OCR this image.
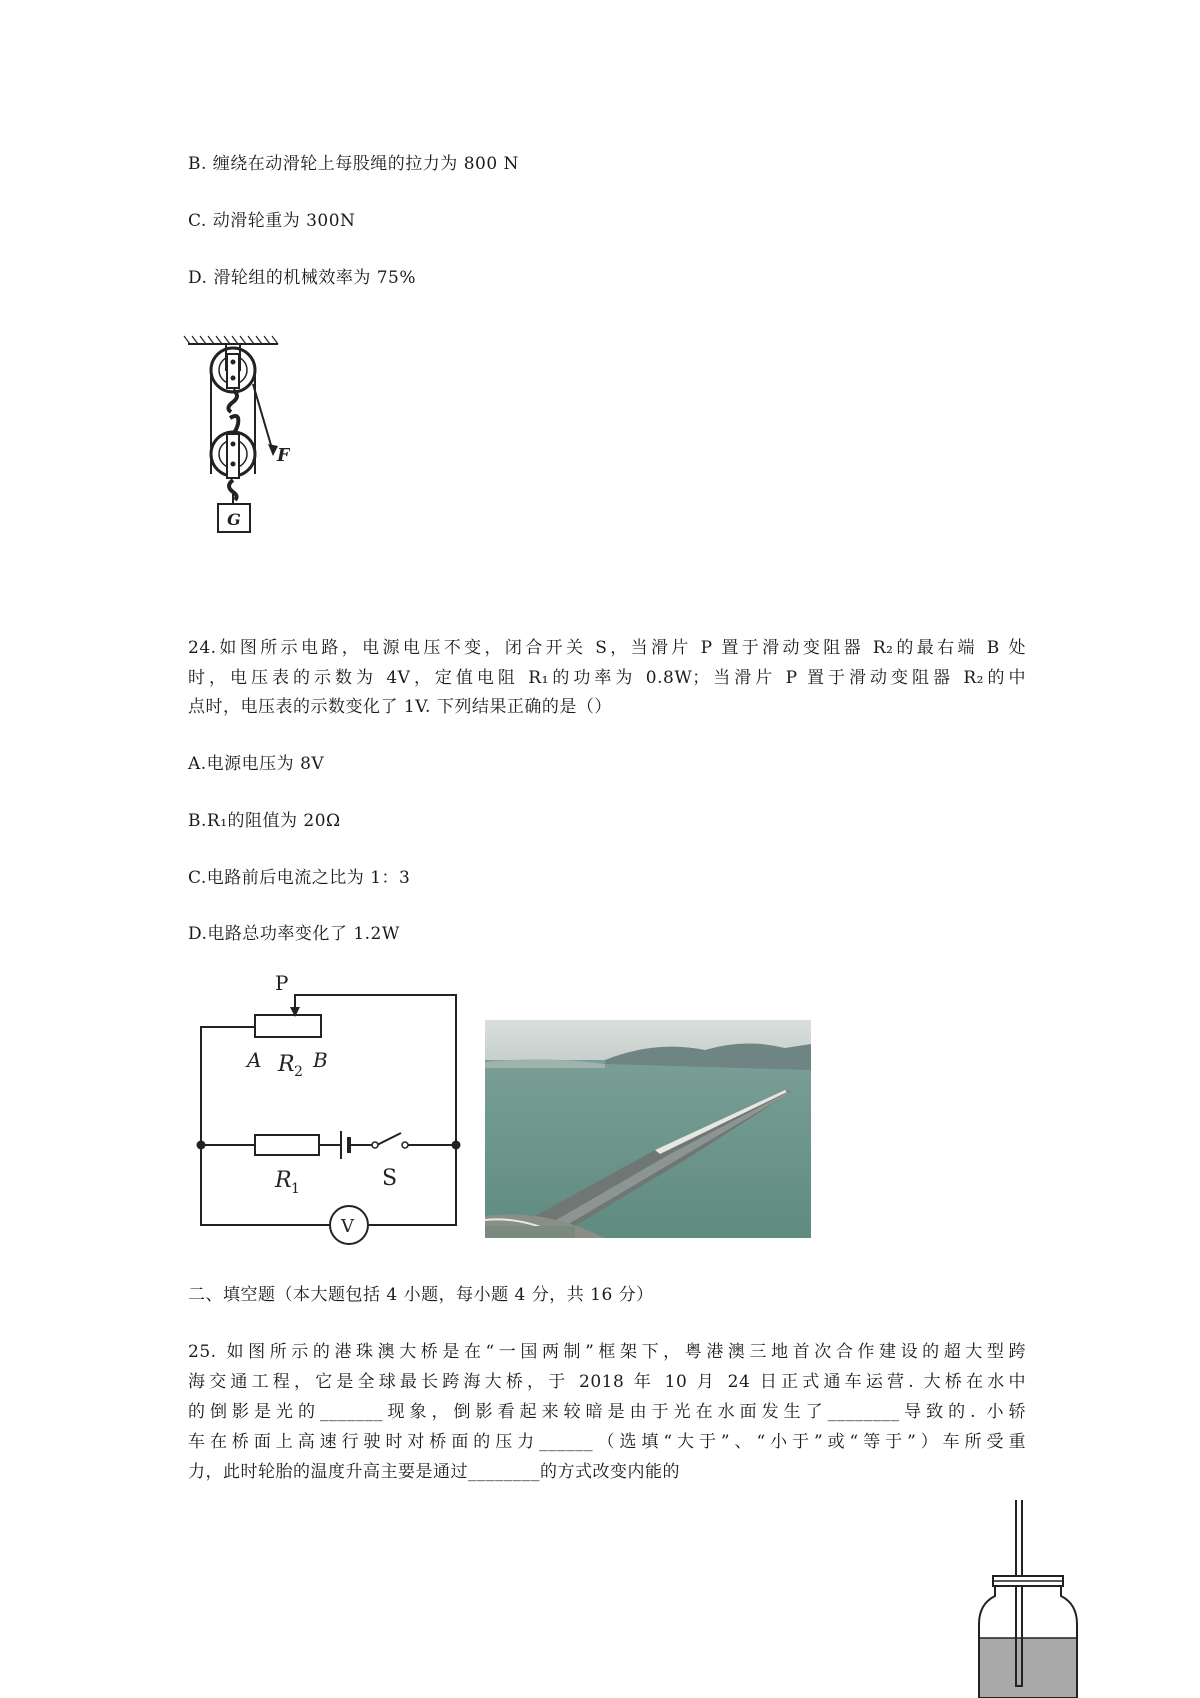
B. 缠绕在动滑轮上每股绳的拉力为 800 N
C. 动滑轮重为 300N
D. 滑轮组的机械效率为 75%
F
G
24.如图所示电路，电源电压不变，闭合开关 S，当滑片 P 置于滑动变阻器 R₂的最右端 B 处
时，电压表的示数为 4V，定值电阻 R₁的功率为 0.8W；当滑片 P 置于滑动变阻器 R₂的中
点时，电压表的示数变化了 1V. 下列结果正确的是（）
A.电源电压为 8V
B.R₁的阻值为 20Ω
C.电路前后电流之比为 1：3
D.电路总功率变化了 1.2W
P
A R 2 B
R 1	S
V
二、填空题（本大题包括 4 小题，每小题 4 分，共 16 分）
25. 如图所示的港珠澳大桥是在“一国两制”框架下，粤港澳三地首次合作建设的超大型跨
海交通工程，它是全球最长跨海大桥，于 2018 年 10 月 24 日正式通车运营. 大桥在水中
的倒影是光的_______现象，倒影看起来较暗是由于光在水面发生了________导致的. 小轿
车在桥面上高速行驶时对桥面的压力______（选填“大于”、“小于”或“等于”）车所受重
力，此时轮胎的温度升高主要是通过________的方式改变内能的
